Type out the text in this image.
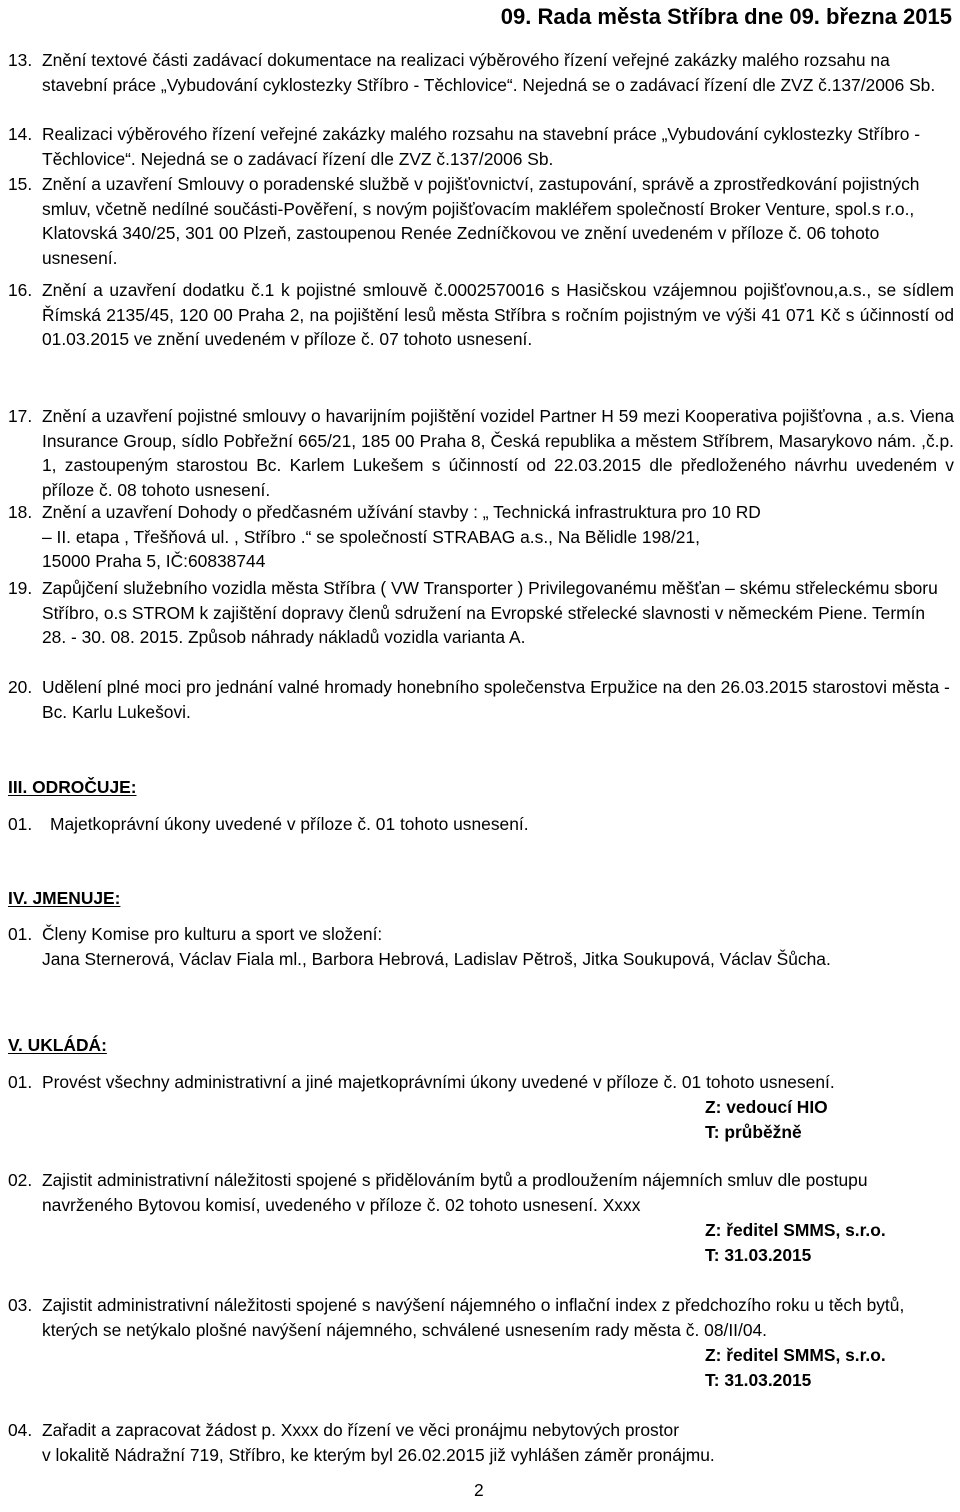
09. Rada města Stříbra dne 09. března 2015
13. Znění textové části zadávací dokumentace na realizaci výběrového řízení veřejné zakázky malého rozsahu na stavební práce „Vybudování cyklostezky Stříbro - Těchlovice“. Nejedná se o zadávací řízení dle ZVZ č.137/2006 Sb.
14. Realizaci výběrového řízení veřejné zakázky malého rozsahu na stavební práce „Vybudování cyklostezky Stříbro - Těchlovice“. Nejedná se o zadávací řízení dle ZVZ č.137/2006 Sb.
15. Znění a uzavření Smlouvy o poradenské službě v pojišťovnictví, zastupování, správě a zprostředkování pojistných smluv, včetně nedílné součásti-Pověření, s novým pojišťovacím makléřem společností Broker Venture, spol.s r.o., Klatovská 340/25, 301 00 Plzeň, zastoupenou Renée Zedníčkovou ve znění uvedeném v příloze č. 06 tohoto usnesení.
16. Znění a uzavření dodatku č.1 k pojistné smlouvě č.0002570016 s Hasičskou vzájemnou pojišťovnou,a.s., se sídlem Římská 2135/45, 120 00 Praha 2, na pojištění lesů města Stříbra s ročním pojistným ve výši 41 071 Kč s účinností od 01.03.2015 ve znění uvedeném v příloze č. 07 tohoto usnesení.
17. Znění a uzavření pojistné smlouvy o havarijním pojištění vozidel Partner H 59 mezi Kooperativa pojišťovna , a.s. Viena Insurance Group, sídlo Pobřežní 665/21, 185 00 Praha 8, Česká republika a městem Stříbrem, Masarykovo nám. ,č.p. 1, zastoupeným starostou Bc. Karlem Lukešem s účinností od 22.03.2015 dle předloženého návrhu uvedeném v příloze č. 08 tohoto usnesení.
18. Znění a uzavření Dohody o předčasném užívání stavby : „ Technická infrastruktura pro 10 RD
– II. etapa , Třešňová ul. , Stříbro .“ se společností STRABAG a.s., Na Bělidle 198/21,
15000 Praha 5, IČ:60838744
19. Zapůjčení služebního vozidla města Stříbra ( VW Transporter ) Privilegovanému měšťan – skému střeleckému sboru Stříbro, o.s STROM k zajištění dopravy členů sdružení na Evropské střelecké slavnosti v německém Piene. Termín 28. - 30. 08. 2015. Způsob náhrady nákladů vozidla varianta A.
20. Udělení plné moci pro jednání valné hromady honebního společenstva Erpužice na den 26.03.2015 starostovi města - Bc. Karlu Lukešovi.
III. ODROČUJE:
01. Majetkoprávní úkony uvedené v příloze č. 01 tohoto usnesení.
IV. JMENUJE:
01. Členy Komise pro kulturu a sport ve složení:
Jana Sternerová, Václav Fiala ml., Barbora Hebrová, Ladislav Pětroš, Jitka Soukupová, Václav Šůcha.
V. UKLÁDÁ:
01. Provést všechny administrativní a jiné majetkoprávními úkony uvedené v příloze č. 01 tohoto usnesení.
Z: vedoucí HIO
T: průběžně
02. Zajistit administrativní náležitosti spojené s přidělováním bytů a prodloužením nájemních smluv dle postupu navrženého Bytovou komisí, uvedeného v příloze č. 02 tohoto usnesení. Xxxx
Z: ředitel SMMS, s.r.o.
T: 31.03.2015
03. Zajistit administrativní náležitosti spojené s navýšení nájemného o inflační index z předchozího roku u těch bytů, kterých se netýkalo plošné navýšení nájemného, schválené usnesením rady města č. 08/II/04.
Z: ředitel SMMS, s.r.o.
T: 31.03.2015
04. Zařadit a zapracovat žádost p. Xxxx do řízení ve věci pronájmu nebytových prostor
v lokalitě Nádražní 719, Stříbro, ke kterým byl 26.02.2015 již vyhlášen záměr pronájmu.
2
